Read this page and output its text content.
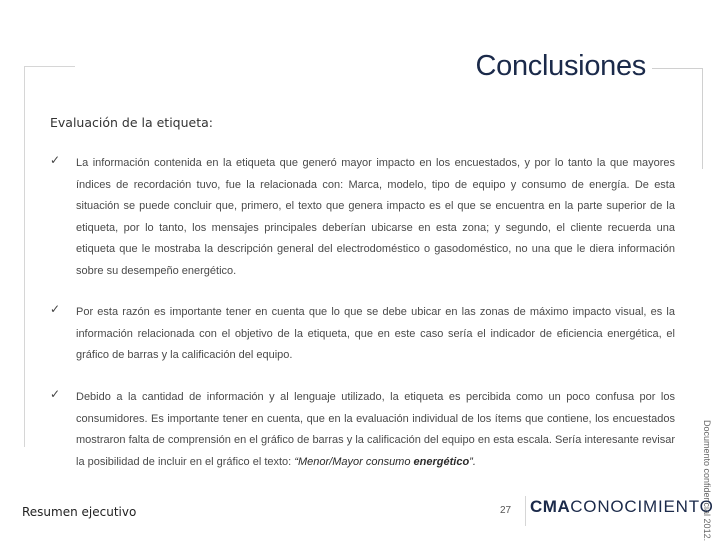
Conclusiones
Evaluación de la etiqueta:
✓ La información contenida en la etiqueta que generó mayor impacto en los encuestados, y por lo tanto la que mayores índices de recordación tuvo, fue la relacionada con: Marca, modelo, tipo de equipo y consumo de energía. De esta situación se puede concluir que, primero, el texto que genera impacto es el que se encuentra en la parte superior de la etiqueta, por lo tanto, los mensajes principales deberían ubicarse en esta zona; y segundo, el cliente recuerda una etiqueta que le mostraba la descripción general del electrodoméstico o gasodoméstico, no una que le diera información sobre su desempeño energético.
✓ Por esta razón es importante tener en cuenta que lo que se debe ubicar en las zonas de máximo impacto visual, es la información relacionada con el objetivo de la etiqueta, que en este caso sería el indicador de eficiencia energética, el gráfico de barras y la calificación del equipo.
✓ Debido a la cantidad de información y al lenguaje utilizado, la etiqueta es percibida como un poco confusa por los consumidores. Es importante tener en cuenta, que en la evaluación individual de los ítems que contiene, los encuestados mostraron falta de comprensión en el gráfico de barras y la calificación del equipo en esta escala. Sería interesante revisar la posibilidad de incluir en el gráfico el texto: “Menor/Mayor consumo energético”.	Documento confidencial 2012.
Resumen ejecutivo	27 CMACONOCIMIENTO
